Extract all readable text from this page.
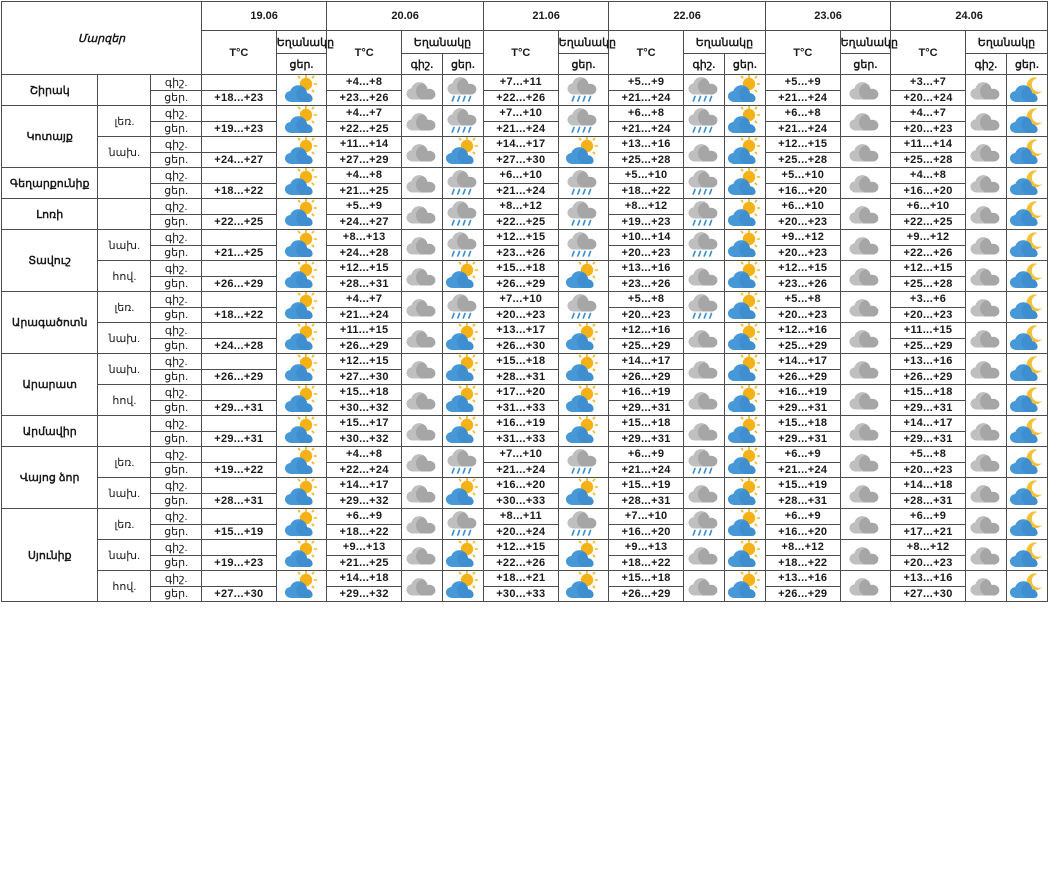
Մարզեր			19.06		20.06			21.06		22.06			23.06		24.06		
			T°C	Եղանակը	T°C	Եղանակը		T°C	Եղանակը	T°C	Եղանակը		T°C	Եղանակը	T°C	Եղանակը	
				ցեր.		գիշ.	ցեր.		ցեր.		գիշ.	ցեր.		ցեր.		գիշ.	ցեր.
Շիրակ		գիշ.			+4...+8			+7...+11		+5...+9			+5...+9		+3...+7	

		ցեր.	+18...+23		+23...+26			+22...+26		+21...+24			+21...+24		+20...+24		
Կոտայք	լեռ.	գիշ.			+4...+7			+7...+10		+6...+8			+6...+8		+4...+7	

		ցեր.	+19...+23		+22...+25			+21...+24		+21...+24			+21...+24		+20...+23		
	նախ.	գիշ.			+11...+14			+14...+17		+13...+16			+12...+15		+11...+14	

		ցեր.	+24...+27		+27...+29			+27...+30		+25...+28			+25...+28		+25...+28		
Գեղարքունիք		գիշ.			+4...+8			+6...+10		+5...+10			+5...+10		+4...+8	

		ցեր.	+18...+22		+21...+25			+21...+24		+18...+22			+16...+20		+16...+20		
Լոռի		գիշ.			+5...+9			+8...+12		+8...+12			+6...+10		+6...+10	

		ցեր.	+22...+25		+24...+27			+22...+25		+19...+23			+20...+23		+22...+25		
Տավուշ	նախ.	գիշ.			+8...+13			+12...+15		+10...+14			+9...+12		+9...+12	

		ցեր.	+21...+25		+24...+28			+23...+26		+20...+23			+20...+23		+22...+26		
	հով.	գիշ.			+12...+15			+15...+18		+13...+16			+12...+15		+12...+15	

		ցեր.	+26...+29		+28...+31			+26...+29		+23...+26			+23...+26		+25...+28		
Արագածոտն	լեռ.	գիշ.			+4...+7			+7...+10		+5...+8			+5...+8		+3...+6	

		ցեր.	+18...+22		+21...+24			+20...+23		+20...+23			+20...+23		+20...+23		
	նախ.	գիշ.			+11...+15			+13...+17		+12...+16			+12...+16		+11...+15	

		ցեր.	+24...+28		+26...+29			+26...+30		+25...+29			+25...+29		+25...+29		
Արարատ	նախ.	գիշ.			+12...+15			+15...+18		+14...+17			+14...+17		+13...+16	

		ցեր.	+26...+29		+27...+30			+28...+31		+26...+29			+26...+29		+26...+29		
	հով.	գիշ.			+15...+18			+17...+20		+16...+19			+16...+19		+15...+18	

		ցեր.	+29...+31		+30...+32			+31...+33		+29...+31			+29...+31		+29...+31		
Արմավիր		գիշ.			+15...+17			+16...+19		+15...+18			+15...+18		+14...+17	

		ցեր.	+29...+31		+30...+32			+31...+33		+29...+31			+29...+31		+29...+31		
Վայոց ձոր	լեռ.	գիշ.			+4...+8			+7...+10		+6...+9			+6...+9		+5...+8	

		ցեր.	+19...+22		+22...+24			+21...+24		+21...+24			+21...+24		+20...+23		
	նախ.	գիշ.			+14...+17			+16...+20		+15...+19			+15...+19		+14...+18	

		ցեր.	+28...+31		+29...+32			+30...+33		+28...+31			+28...+31		+28...+31		
Սյունիք	լեռ.	գիշ.			+6...+9			+8...+11		+7...+10			+6...+9		+6...+9	

		ցեր.	+15...+19		+18...+22			+20...+24		+16...+20			+16...+20		+17...+21		
	նախ.	գիշ.			+9...+13			+12...+15		+9...+13			+8...+12		+8...+12	

		ցեր.	+19...+23		+21...+25			+22...+26		+18...+22			+18...+22		+20...+23		
	հով.	գիշ.			+14...+18			+18...+21		+15...+18			+13...+16		+13...+16	

		ցեր.	+27...+30		+29...+32			+30...+33		+26...+29			+26...+29		+27...+30		
